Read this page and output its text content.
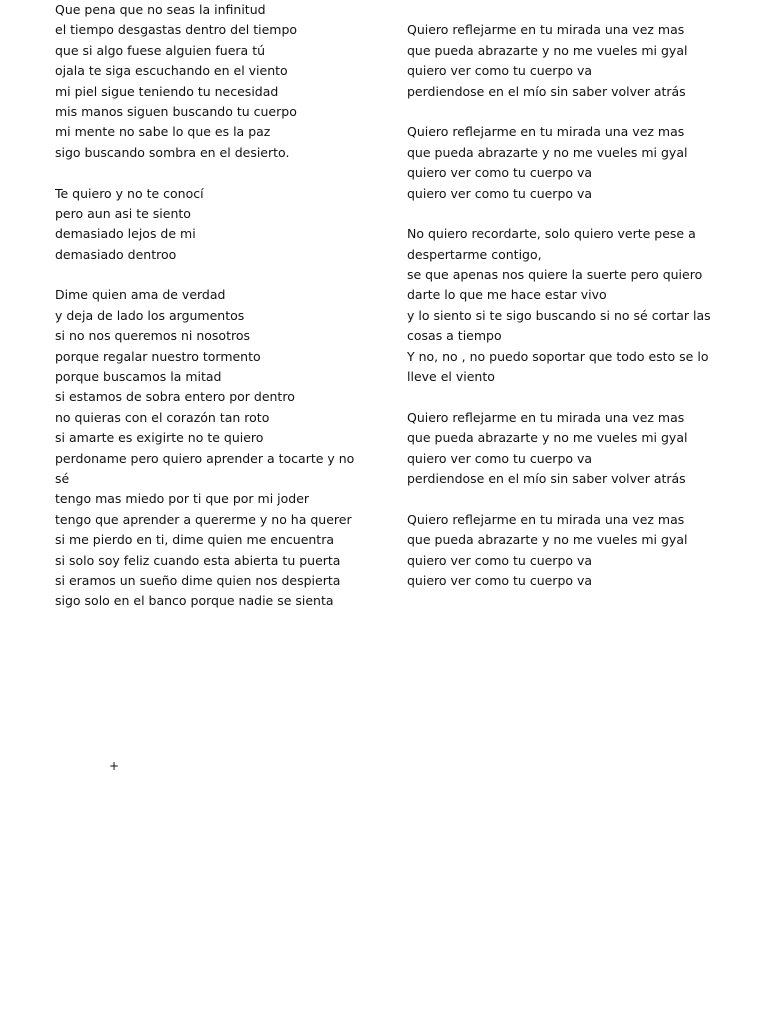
Que pena que no seas la infinitud
el tiempo desgastas dentro del tiempo
que si algo fuese alguien fuera tú
ojala te siga escuchando en el viento
mi piel sigue teniendo tu necesidad
mis manos siguen buscando tu cuerpo
mi mente no sabe lo que es la paz
sigo buscando sombra en el desierto.
Te quiero y no te conocí
pero aun asi te siento
demasiado lejos de mi
demasiado dentroo
Dime quien ama de verdad
y deja de lado los argumentos
si no nos queremos ni nosotros
porque regalar nuestro tormento
porque buscamos la mitad
si estamos de sobra entero por dentro
no quieras con el corazón tan roto
si amarte es exigirte no te quiero
perdoname pero quiero aprender a tocarte y no
sé
tengo mas miedo por ti que por mi joder
tengo que aprender a quererme y no ha querer
si me pierdo en ti, dime quien me encuentra
si solo soy feliz cuando esta abierta tu puerta
si eramos un sueño dime quien nos despierta
sigo solo en el banco porque nadie se sienta
Quiero reflejarme en tu mirada una vez mas
que pueda abrazarte y no me vueles mi gyal
quiero ver como tu cuerpo va
perdiendose en el mío sin saber volver atrás
Quiero reflejarme en tu mirada una vez mas
que pueda abrazarte y no me vueles mi gyal
quiero ver como tu cuerpo va
quiero ver como tu cuerpo va
No quiero recordarte, solo quiero verte pese a
despertarme contigo,
se que apenas nos quiere la suerte pero quiero
darte lo que me hace estar vivo
y lo siento si te sigo buscando si no sé cortar las
cosas a tiempo
Y no, no , no puedo soportar que todo esto se lo
lleve el viento
Quiero reflejarme en tu mirada una vez mas
que pueda abrazarte y no me vueles mi gyal
quiero ver como tu cuerpo va
perdiendose en el mío sin saber volver atrás
Quiero reflejarme en tu mirada una vez mas
que pueda abrazarte y no me vueles mi gyal
quiero ver como tu cuerpo va
quiero ver como tu cuerpo va
+
